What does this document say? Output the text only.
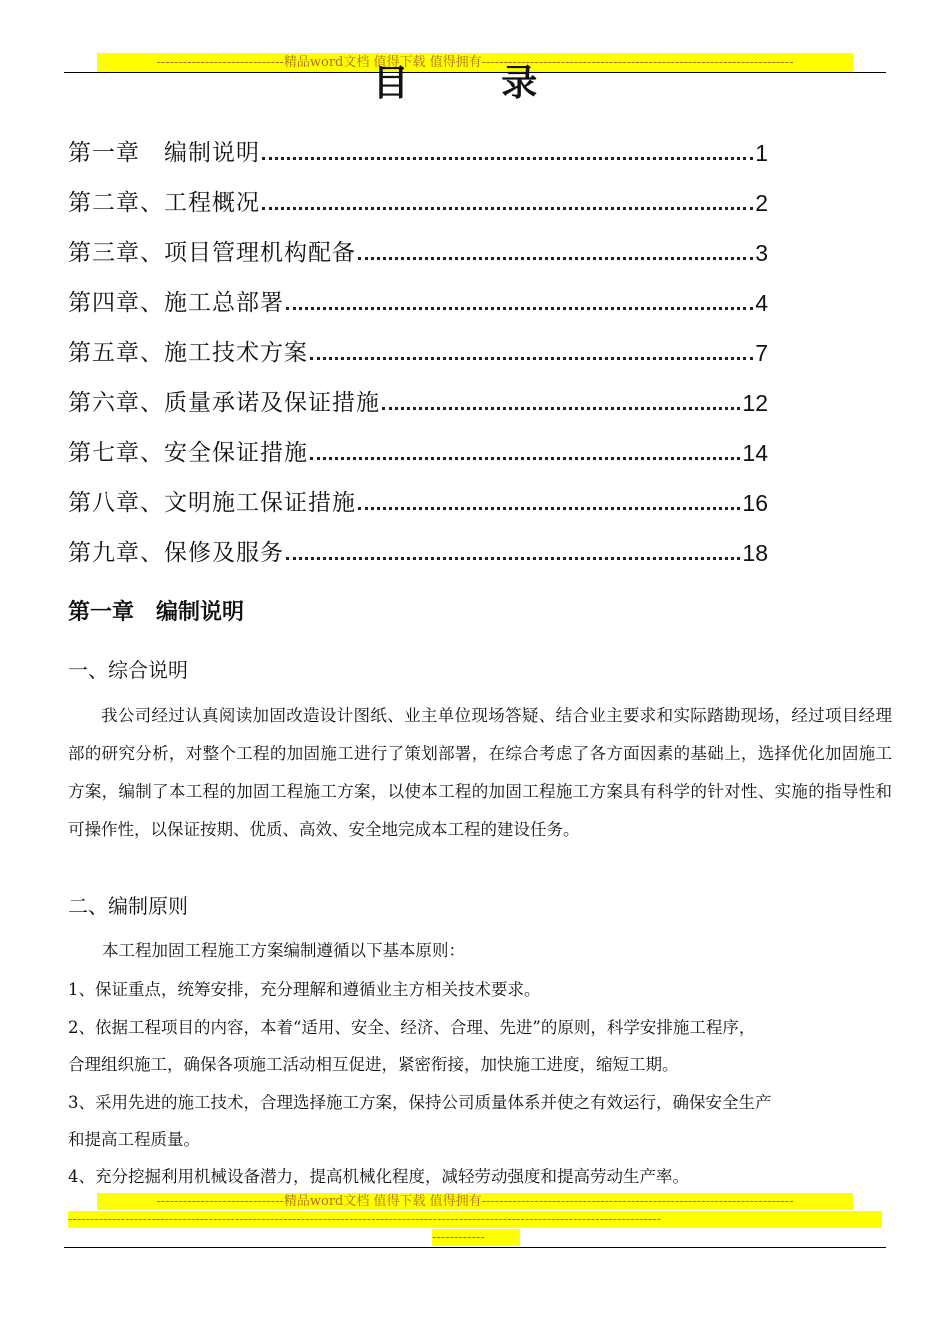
-----------------------------精品word文档 值得下载 值得拥有-----------------------------------------------------------------------
目 录
第一章　编制说明	1
第二章、工程概况	2
第三章、项目管理机构配备	3
第四章、施工总部署	4
第五章、施工技术方案	7
第六章、质量承诺及保证措施	12
第七章、安全保证措施	14
第八章、文明施工保证措施	16
第九章、保修及服务	18
第一章　编制说明
一、综合说明
我公司经过认真阅读加固改造设计图纸、业主单位现场答疑、结合业主要求和实际踏勘现场，经过项目经理部的研究分析，对整个工程的加固施工进行了策划部署，在综合考虑了各方面因素的基础上，选择优化加固施工方案，编制了本工程的加固工程施工方案，以使本工程的加固工程施工方案具有科学的针对性、实施的指导性和可操作性，以保证按期、优质、高效、安全地完成本工程的建设任务。
二、编制原则
本工程加固工程施工方案编制遵循以下基本原则：
1、保证重点，统筹安排，充分理解和遵循业主方相关技术要求。
2、依据工程项目的内容，本着“适用、安全、经济、合理、先进”的原则，科学安排施工程序，
合理组织施工，确保各项施工活动相互促进，紧密衔接，加快施工进度，缩短工期。
3、采用先进的施工技术，合理选择施工方案，保持公司质量体系并使之有效运行，确保安全生产
和提高工程质量。
4、充分挖掘利用机械设备潜力，提高机械化程度，减轻劳动强度和提高劳动生产率。
-----------------------------精品word文档 值得下载 值得拥有-----------------------------------------------------------------------
---------------------------------------------------------------------------------------------------------------------------------------
------------
